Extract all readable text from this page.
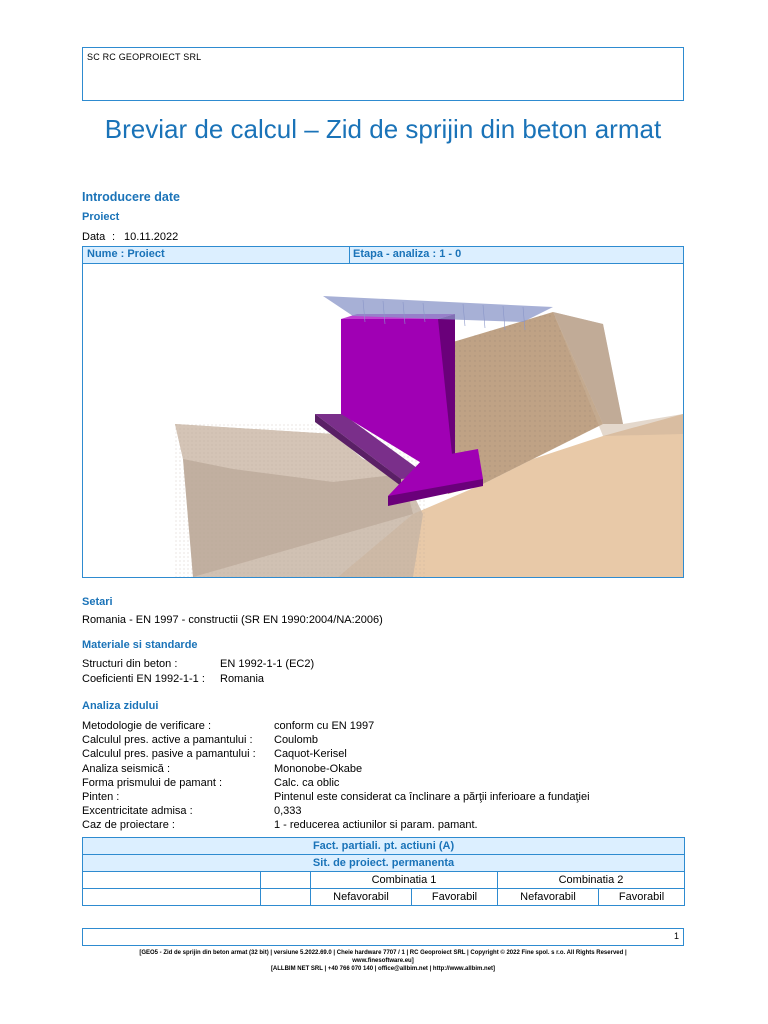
SC RC GEOPROIECT SRL
Breviar de calcul – Zid de sprijin din beton armat
Introducere date
Proiect
Data : 10.11.2022
Nume : Proiect	Etapa - analiza : 1 - 0
Setari
Romania - EN 1997 - constructii (SR EN 1990:2004/NA:2006)
Materiale si standarde
Structuri din beton :	EN 1992-1-1 (EC2)
Coeficienti EN 1992-1-1 : Romania
Analiza zidului
Metodologie de verificare :	conform cu EN 1997
Calculul pres. active a pamantului : Coulomb
Calculul pres. pasive a pamantului : Caquot-Kerisel
Analiza seismică :	Mononobe-Okabe
Forma prismului de pamant :	Calc. ca oblic
Pinten :	Pintenul este considerat ca înclinare a părţii inferioare a fundaţiei
Excentricitate admisa :	0,333
Caz de proiectare :	1 - reducerea actiunilor si param. pamant.
Fact. partiali. pt. actiuni (A)					
Sit. de proiect. permanenta					
		Combinatia 1		Combinatia 2	
		Nefavorabil	Favorabil	Nefavorabil	Favorabil
1
[GEO5 - Zid de sprijin din beton armat (32 bit) | versiune 5.2022.69.0 | Cheie hardware 7707 / 1 | RC Geoproiect SRL | Copyright © 2022 Fine spol. s r.o. All Rights Reserved |
www.finesoftware.eu]
[ALLBIM NET SRL | +40 766 070 140 | office@allbim.net | http://www.allbim.net]
